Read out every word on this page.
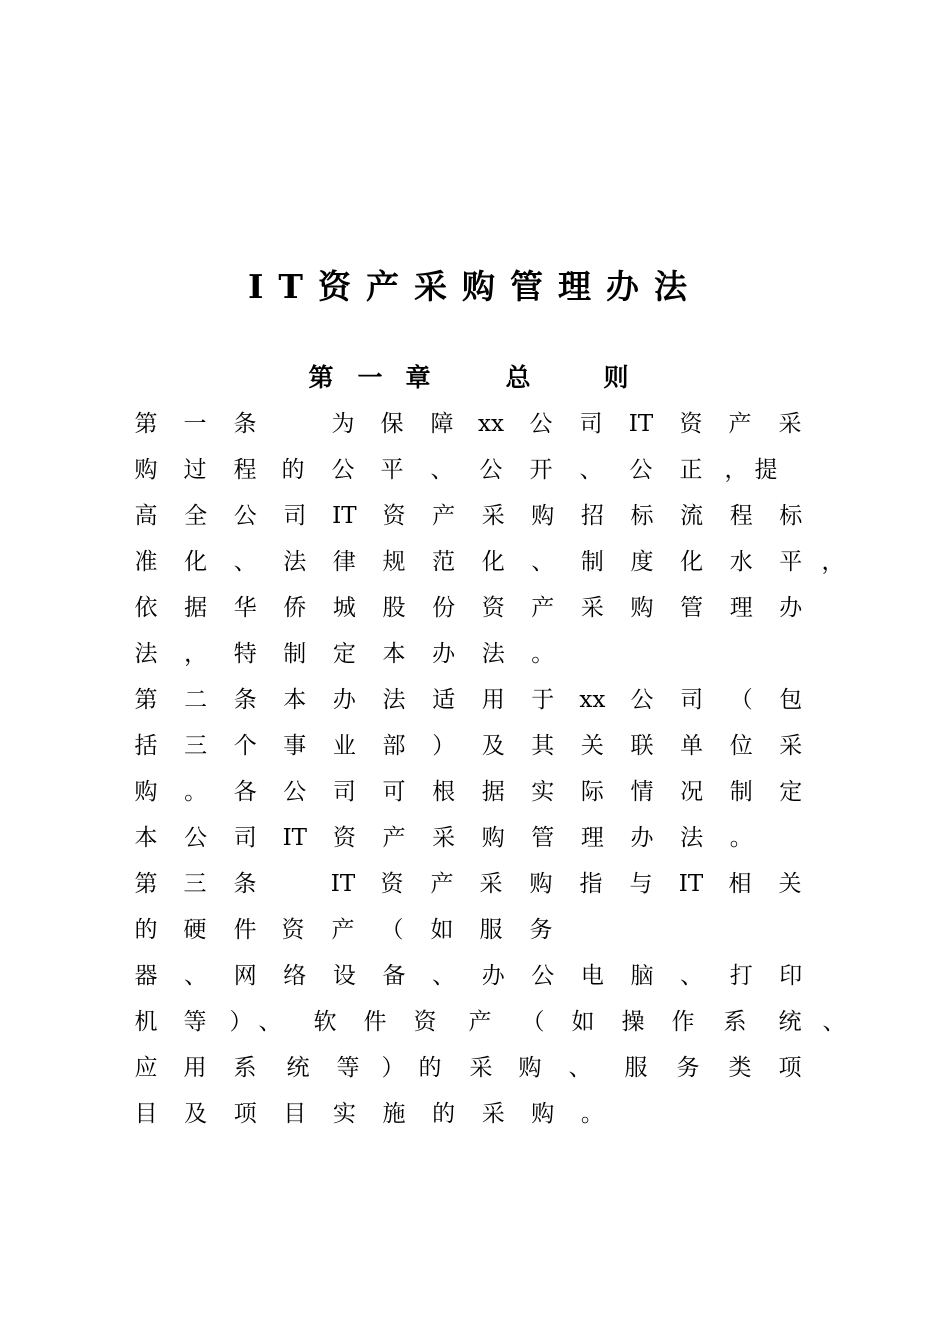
IT资产采购管理办法
第 一 章	总	则
第 一 条	为 保 障 xx 公 司 IT 资 产 采
购 过 程 的 公 平 、 公 开 、 公 正 ， 提
高 全 公 司 IT 资 产 采 购 招 标 流 程 标
准 化 、 法 律 规 范 化 、 制 度 化 水 平 ，
依 据 华 侨 城 股 份 资 产 采 购 管 理 办
法 ， 特 制 定 本 办 法 。
第 二 条 本 办 法 适 用 于 xx 公 司 （ 包
括 三 个 事 业 部 ） 及 其 关 联 单 位 采
购 。 各 公 司 可 根 据 实 际 情 况 制 定
本 公 司 IT 资 产 采 购 管 理 办 法 。
第 三 条	IT 资 产 采 购 指 与 IT 相 关
的 硬 件 资 产 （ 如 服 务
器 、 网 络 设 备 、 办 公 电 脑 、 打 印
机 等 ） 、 软 件 资 产 （ 如 操 作 系 统 、
应 用 系 统 等 ） 的 采 购 、 服 务 类 项
目 及 项 目 实 施 的 采 购 。
